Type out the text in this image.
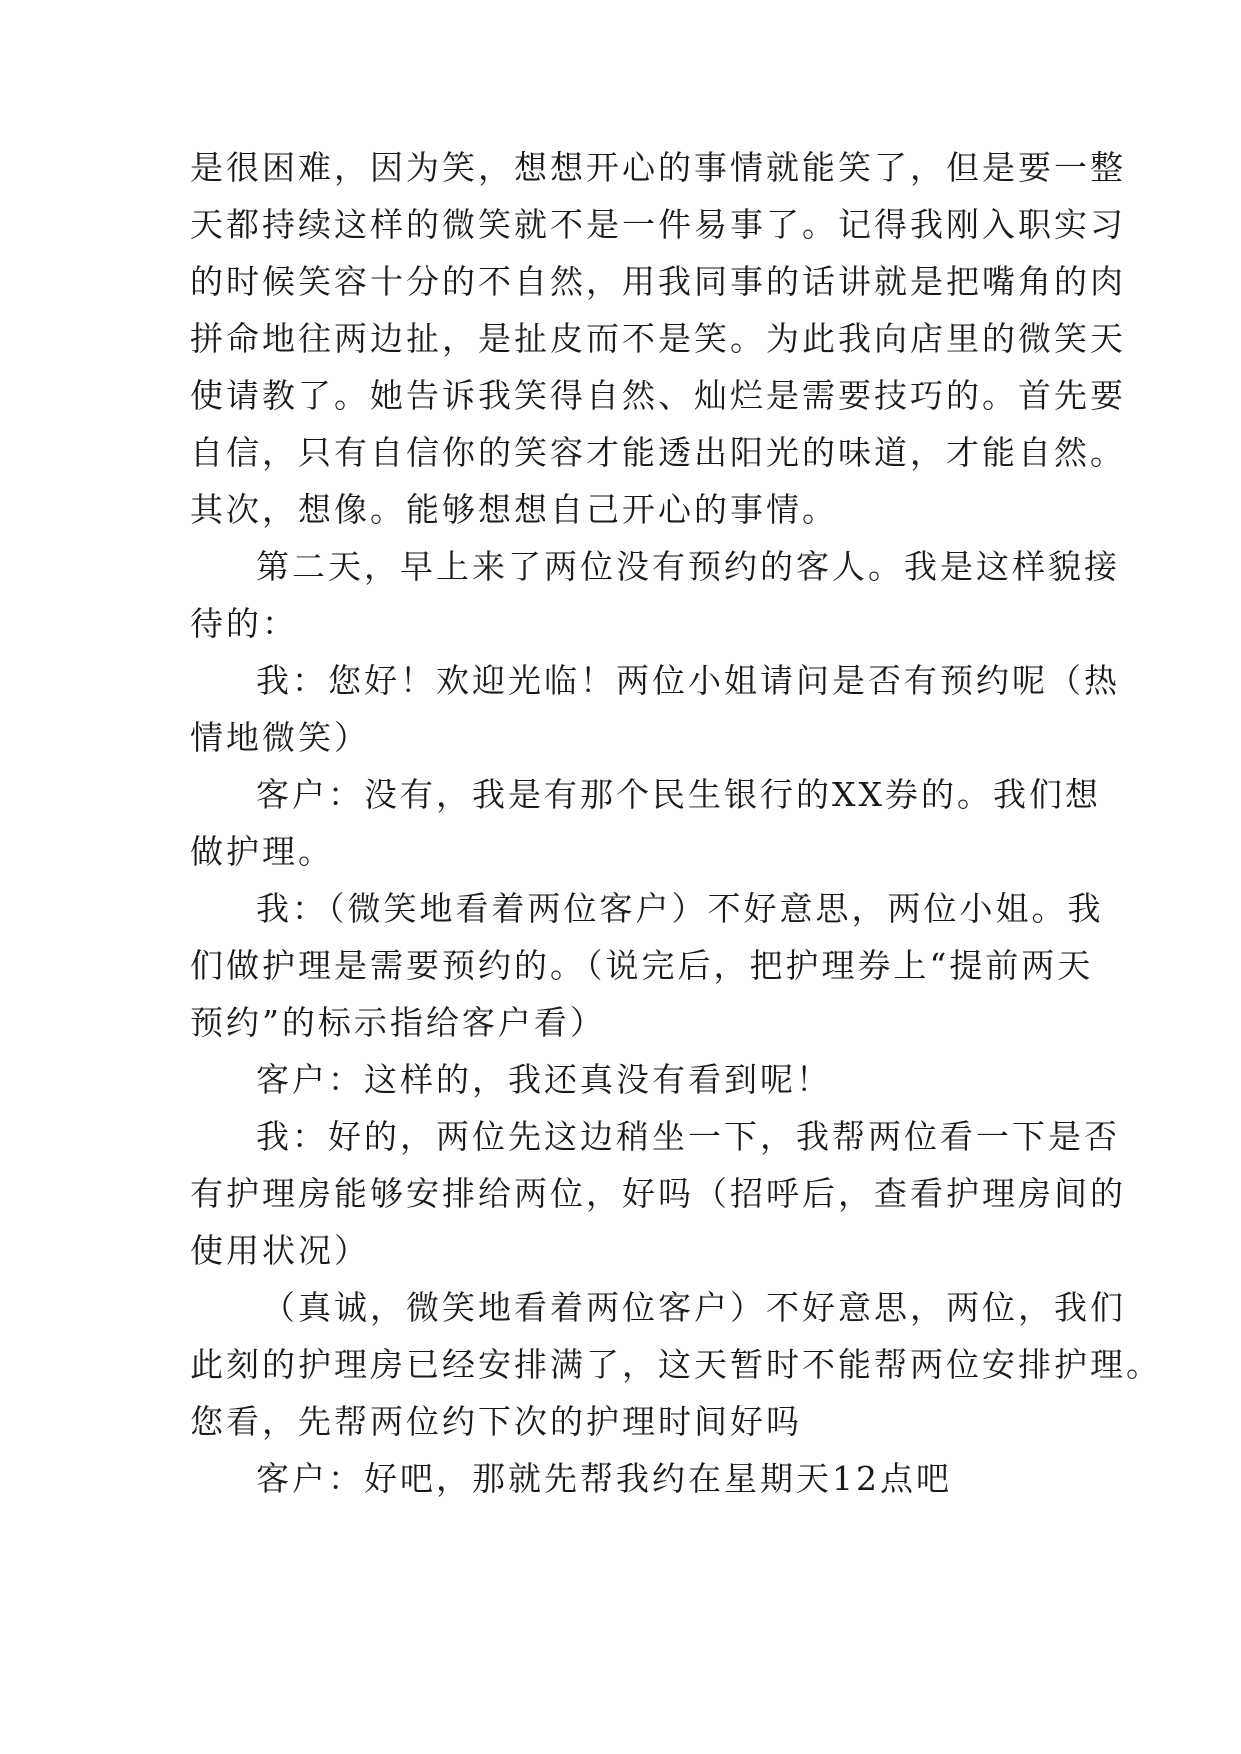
是很困难，因为笑，想想开心的事情就能笑了，但是要一整
天都持续这样的微笑就不是一件易事了。记得我刚入职实习
的时候笑容十分的不自然，用我同事的话讲就是把嘴角的肉
拼命地往两边扯，是扯皮而不是笑。为此我向店里的微笑天
使请教了。她告诉我笑得自然、灿烂是需要技巧的。首先要
自信，只有自信你的笑容才能透出阳光的味道，才能自然。
其次，想像。能够想想自己开心的事情。
第二天，早上来了两位没有预约的客人。我是这样貌接
待的：
我：您好！欢迎光临！两位小姐请问是否有预约呢（热
情地微笑）
客户：没有，我是有那个民生银行的XX券的。我们想
做护理。
我：（微笑地看着两位客户）不好意思，两位小姐。我
们做护理是需要预约的。（说完后，把护理券上“提前两天
预约”的标示指给客户看）
客户：这样的，我还真没有看到呢！
我：好的，两位先这边稍坐一下，我帮两位看一下是否
有护理房能够安排给两位，好吗（招呼后，查看护理房间的
使用状况）
（真诚，微笑地看着两位客户）不好意思，两位，我们
此刻的护理房已经安排满了，这天暂时不能帮两位安排护理。
您看，先帮两位约下次的护理时间好吗
客户：好吧，那就先帮我约在星期天12点吧
